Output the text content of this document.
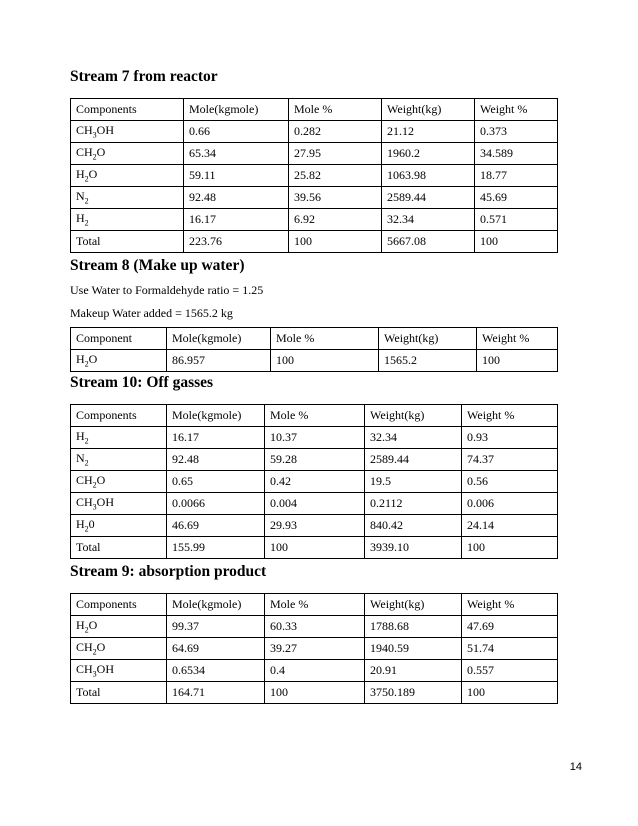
Stream 7 from reactor
Components	Mole(kgmole)	Mole %	Weight(kg)	Weight %
$CH_3OH$	0.66	0.282	21.12	0.373
$CH_2O$	65.34	27.95	1960.2	34.589
$H_2O$	59.11	25.82	1063.98	18.77
$N_2$	92.48	39.56	2589.44	45.69
$H_2$	16.17	6.92	32.34	0.571
Total	223.76	100	5667.08	100
Stream 8 (Make up water)

Use Water to Formaldehyde ratio = 1.25

Makeup Water added = 1565.2 kg

Component	Mole(kgmole)	Mole %	Weight(kg)	Weight %
$H_2O$	86.957	100	1565.2	100
Stream 10: Off gasses
Components	Mole(kgmole)	Mole %	Weight(kg)	Weight %
$H_2$	16.17	10.37	32.34	0.93
$N_2$	92.48	59.28	2589.44	74.37
$CH_2O$	0.65	0.42	19.5	0.56
$CH_3OH$	0.0066	0.004	0.2112	0.006
$H_20$	46.69	29.93	840.42	24.14
Total	155.99	100	3939.10	100
Stream 9: absorption product
Components	Mole(kgmole)	Mole %	Weight(kg)	Weight %
$H_2O$	99.37	60.33	1788.68	47.69
$CH_2O$	64.69	39.27	1940.59	51.74
$CH_3OH$	0.6534	0.4	20.91	0.557
Total	164.71	100	3750.189	100
14
